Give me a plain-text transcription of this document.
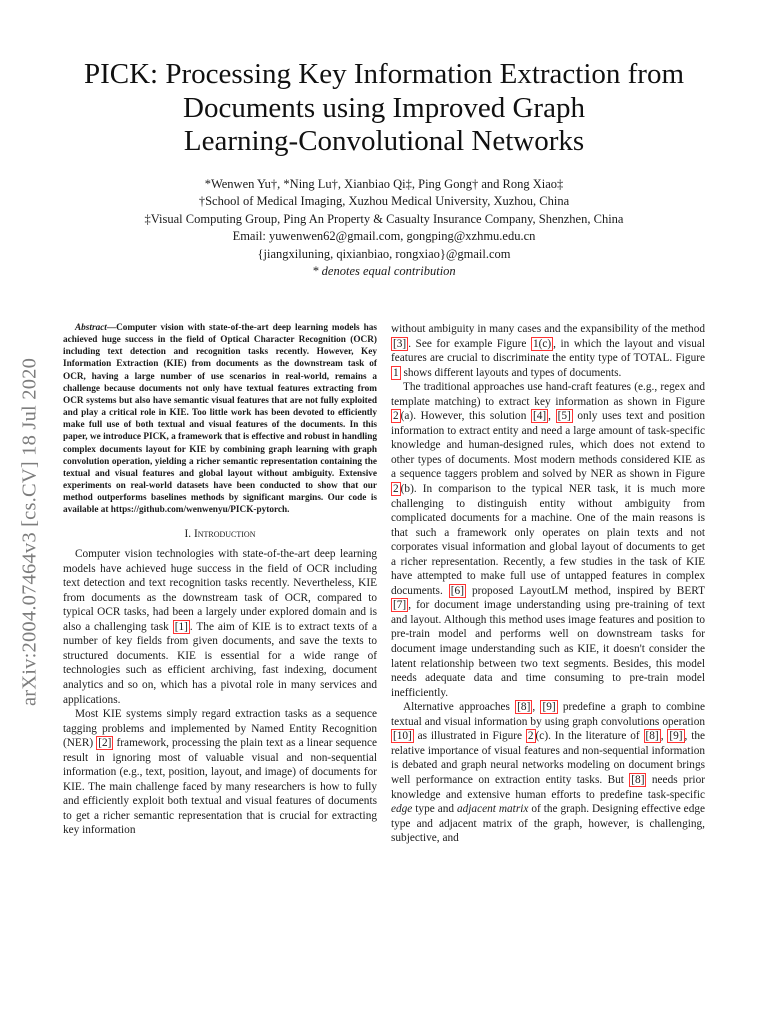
PICK: Processing Key Information Extraction from
Documents using Improved Graph
Learning-Convolutional Networks
*Wenwen Yu†, *Ning Lu†, Xianbiao Qi‡, Ping Gong† and Rong Xiao‡
†School of Medical Imaging, Xuzhou Medical University, Xuzhou, China
‡Visual Computing Group, Ping An Property & Casualty Insurance Company, Shenzhen, China
Email: yuwenwen62@gmail.com, gongping@xzhmu.edu.cn
{jiangxiluning, qixianbiao, rongxiao}@gmail.com
* denotes equal contribution
arXiv:2004.07464v3 [cs.CV] 18 Jul 2020

Abstract—Computer vision with state-of-the-art deep learning models has achieved huge success in the field of Optical Character Recognition (OCR) including text detection and recognition tasks recently. However, Key Information Extraction (KIE) from documents as the downstream task of OCR, having a large number of use scenarios in real-world, remains a challenge because documents not only have textual features extracting from OCR systems but also have semantic visual features that are not fully exploited and play a critical role in KIE. Too little work has been devoted to efficiently make full use of both textual and visual features of the documents. In this paper, we introduce PICK, a framework that is effective and robust in handling complex documents layout for KIE by combining graph learning with graph convolution operation, yielding a richer semantic representation containing the textual and visual features and global layout without ambiguity. Extensive experiments on real-world datasets have been conducted to show that our method outperforms baselines methods by significant margins. Our code is available at https://github.com/wenwenyu/PICK-pytorch.

I. Introduction

Computer vision technologies with state-of-the-art deep learning models have achieved huge success in the field of OCR including text detection and text recognition tasks recently. Nevertheless, KIE from documents as the downstream task of OCR, compared to typical OCR tasks, had been a largely under explored domain and is also a challenging task [1] . The aim of KIE is to extract texts of a number of key fields from given documents, and save the texts to structured documents. KIE is essential for a wide range of technologies such as efficient archiving, fast indexing, document analytics and so on, which has a pivotal role in many services and applications.

Most KIE systems simply regard extraction tasks as a sequence tagging problems and implemented by Named Entity Recognition (NER) [2] framework, processing the plain text as a linear sequence result in ignoring most of valuable visual and non-sequential information (e.g., text, position, layout, and image) of documents for KIE. The main challenge faced by many researchers is how to fully and efficiently exploit both textual and visual features of documents to get a richer semantic representation that is crucial for extracting key information

without ambiguity in many cases and the expansibility of the method [3] . See for example Figure 1(c) , in which the layout and visual features are crucial to discriminate the entity type of TOTAL. Figure 1 shows different layouts and types of documents.

The traditional approaches use hand-craft features (e.g., regex and template matching) to extract key information as shown in Figure 2 (a). However, this solution [4] , [5] only uses text and position information to extract entity and need a large amount of task-specific knowledge and human-designed rules, which does not extend to other types of documents. Most modern methods considered KIE as a sequence taggers problem and solved by NER as shown in Figure 2 (b). In comparison to the typical NER task, it is much more challenging to distinguish entity without ambiguity from complicated documents for a machine. One of the main reasons is that such a framework only operates on plain texts and not corporates visual information and global layout of documents to get a richer representation. Recently, a few studies in the task of KIE have attempted to make full use of untapped features in complex documents. [6] proposed LayoutLM method, inspired by BERT [7] , for document image understanding using pre-training of text and layout. Although this method uses image features and position to pre-train model and performs well on downstream tasks for document image understanding such as KIE, it doesn't consider the latent relationship between two text segments. Besides, this model needs adequate data and time consuming to pre-train model inefficiently.

Alternative approaches [8] , [9] predefine a graph to combine textual and visual information by using graph convolutions operation [10] as illustrated in Figure 2 (c). In the literature of [8] , [9] , the relative importance of visual features and non-sequential information is debated and graph neural networks modeling on document brings well performance on extraction entity tasks. But [8] needs prior knowledge and extensive human efforts to predefine task-specific edge type and adjacent matrix of the graph. Designing effective edge type and adjacent matrix of the graph, however, is challenging, subjective, and
